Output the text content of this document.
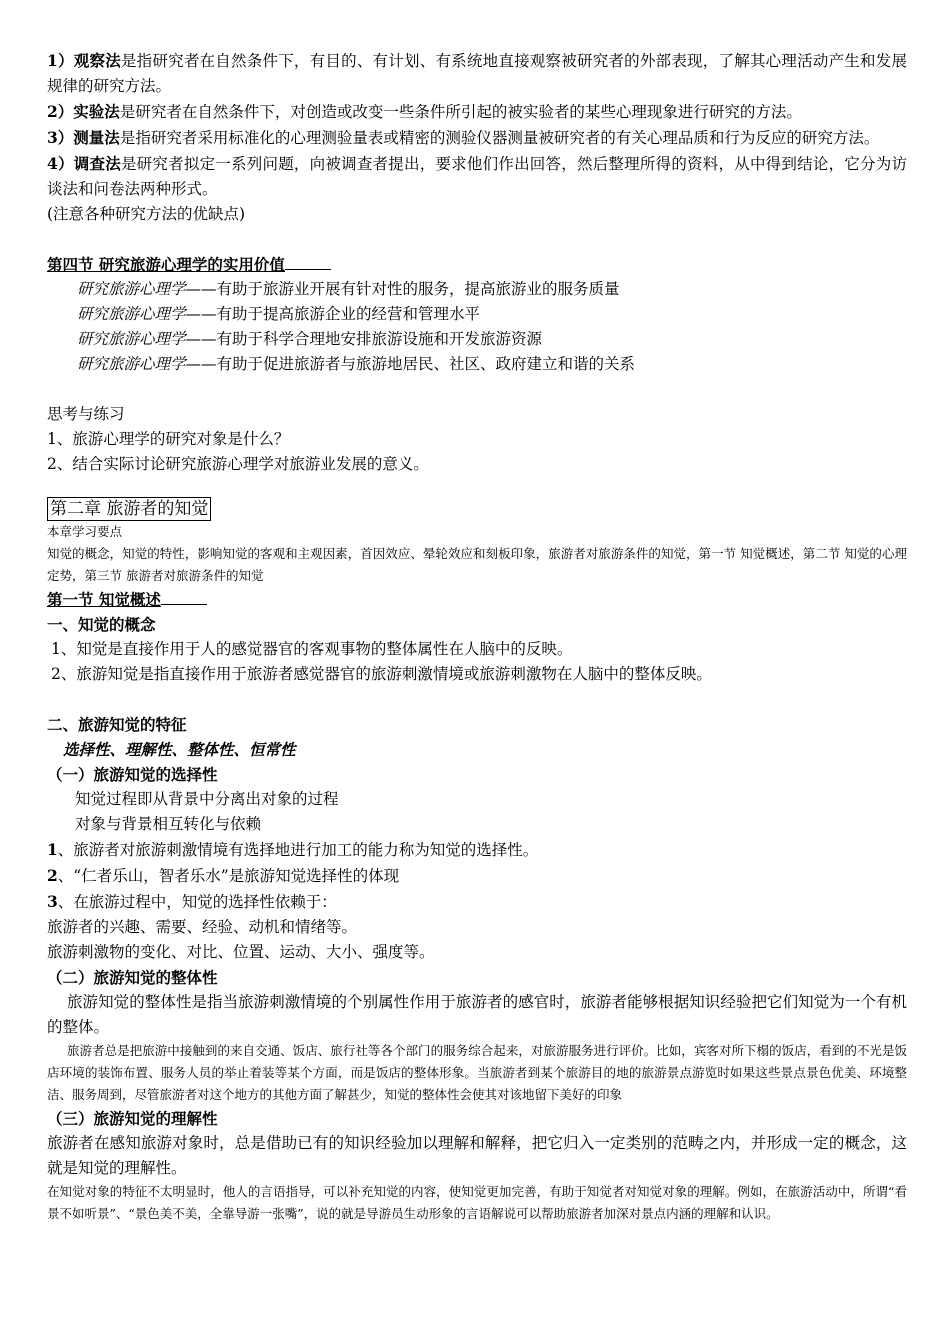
1）观察法是指研究者在自然条件下，有目的、有计划、有系统地直接观察被研究者的外部表现，了解其心理活动产生和发展规律的研究方法。
2）实验法是研究者在自然条件下，对创造或改变一些条件所引起的被实验者的某些心理现象进行研究的方法。
3）测量法是指研究者采用标准化的心理测验量表或精密的测验仪器测量被研究者的有关心理品质和行为反应的研究方法。
4）调查法是研究者拟定一系列问题，向被调查者提出，要求他们作出回答，然后整理所得的资料，从中得到结论，它分为访谈法和问卷法两种形式。
(注意各种研究方法的优缺点)
第四节 研究旅游心理学的实用价值
研究旅游心理学——有助于旅游业开展有针对性的服务，提高旅游业的服务质量
研究旅游心理学——有助于提高旅游企业的经营和管理水平
研究旅游心理学——有助于科学合理地安排旅游设施和开发旅游资源
研究旅游心理学——有助于促进旅游者与旅游地居民、社区、政府建立和谐的关系
思考与练习
1、旅游心理学的研究对象是什么？
2、结合实际讨论研究旅游心理学对旅游业发展的意义。
第二章 旅游者的知觉
本章学习要点
知觉的概念，知觉的特性，影响知觉的客观和主观因素，首因效应、晕轮效应和刻板印象，旅游者对旅游条件的知觉，第一节 知觉概述，第二节 知觉的心理定势，第三节 旅游者对旅游条件的知觉
第一节 知觉概述
一、知觉的概念
1、知觉是直接作用于人的感觉器官的客观事物的整体属性在人脑中的反映。
2、旅游知觉是指直接作用于旅游者感觉器官的旅游刺激情境或旅游刺激物在人脑中的整体反映。
二、旅游知觉的特征
选择性、理解性、整体性、恒常性
（一）旅游知觉的选择性
知觉过程即从背景中分离出对象的过程
对象与背景相互转化与依赖
1、旅游者对旅游刺激情境有选择地进行加工的能力称为知觉的选择性。
2、“仁者乐山，智者乐水”是旅游知觉选择性的体现
3、在旅游过程中，知觉的选择性依赖于：
旅游者的兴趣、需要、经验、动机和情绪等。
旅游刺激物的变化、对比、位置、运动、大小、强度等。
（二）旅游知觉的整体性
旅游知觉的整体性是指当旅游刺激情境的个别属性作用于旅游者的感官时，旅游者能够根据知识经验把它们知觉为一个有机的整体。
旅游者总是把旅游中接触到的来自交通、饭店、旅行社等各个部门的服务综合起来，对旅游服务进行评价。比如，宾客对所下榻的饭店，看到的不光是饭店环境的装饰布置、服务人员的举止着装等某个方面，而是饭店的整体形象。当旅游者到某个旅游目的地的旅游景点游览时如果这些景点景色优美、环境整洁、服务周到，尽管旅游者对这个地方的其他方面了解甚少，知觉的整体性会使其对该地留下美好的印象
（三）旅游知觉的理解性
旅游者在感知旅游对象时，总是借助已有的知识经验加以理解和解释，把它归入一定类别的范畴之内，并形成一定的概念，这就是知觉的理解性。
在知觉对象的特征不太明显时，他人的言语指导，可以补充知觉的内容，使知觉更加完善，有助于知觉者对知觉对象的理解。例如，在旅游活动中，所谓“看景不如听景”、“景色美不美，全靠导游一张嘴”，说的就是导游员生动形象的言语解说可以帮助旅游者加深对景点内涵的理解和认识。
